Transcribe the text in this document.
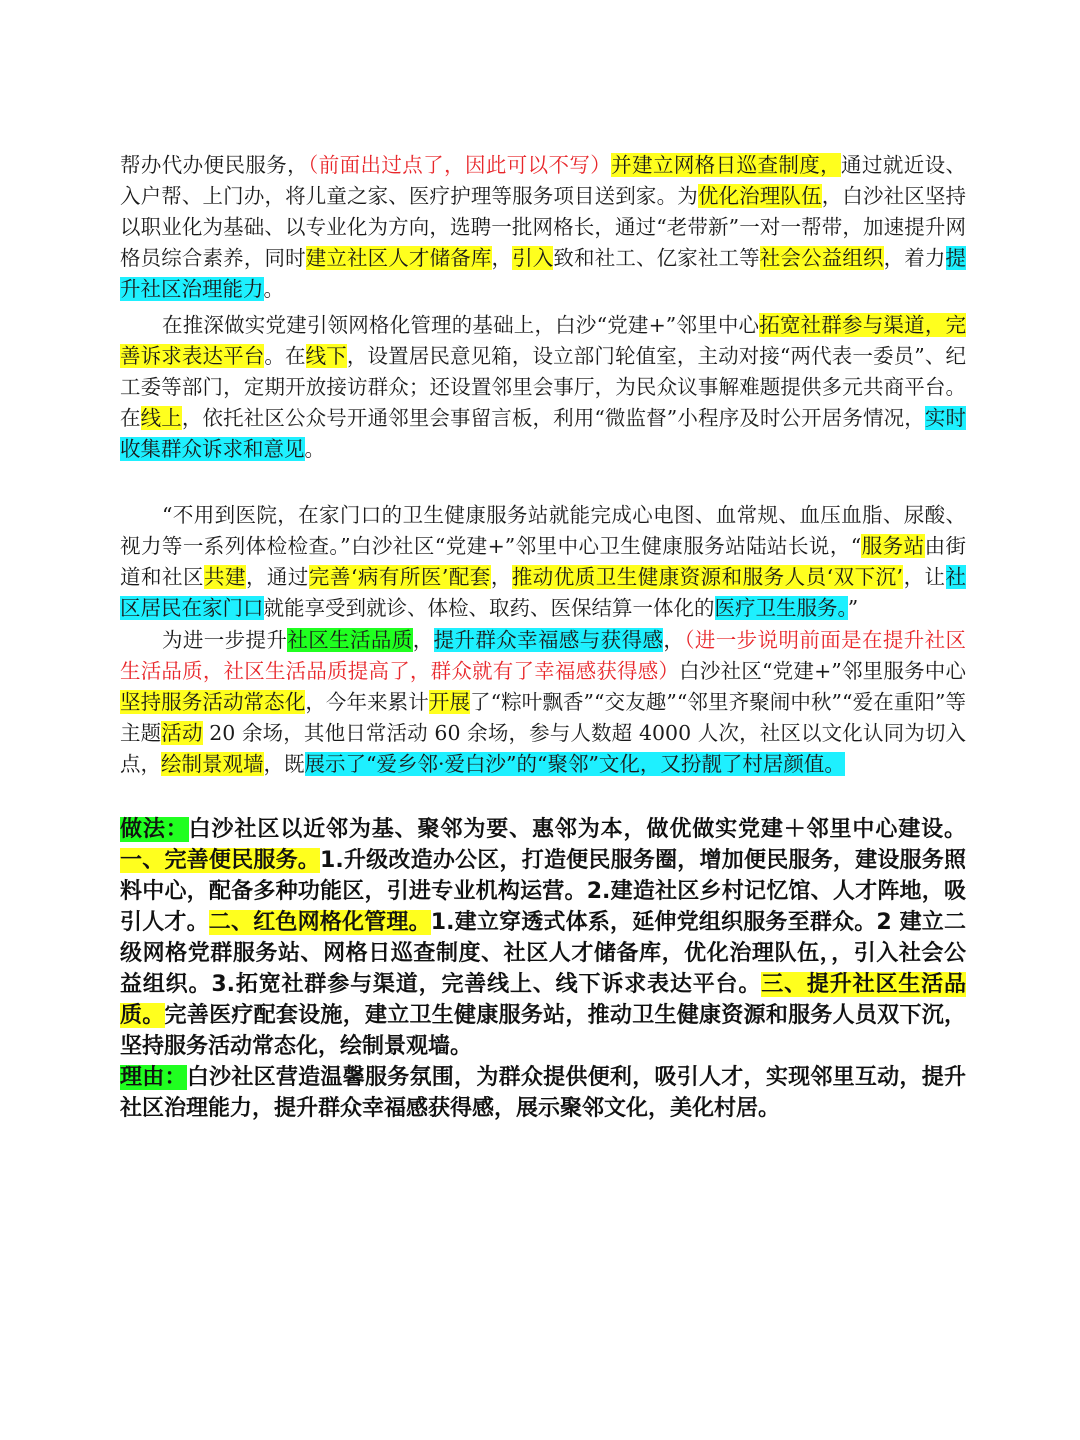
帮办代办便民服务，（前面出过点了，因此可以不写）并建立网格日巡查制度，通过就近设、入户帮、上门办，将儿童之家、医疗护理等服务项目送到家。为优化治理队伍，白沙社区坚持以职业化为基础、以专业化为方向，选聘一批网格长，通过“老带新”一对一帮带，加速提升网格员综合素养，同时建立社区人才储备库，引入致和社工、亿家社工等社会公益组织，着力提升社区治理能力。
在推深做实党建引领网格化管理的基础上，白沙“党建+”邻里中心拓宽社群参与渠道，完善诉求表达平台。在线下，设置居民意见箱，设立部门轮值室，主动对接“两代表一委员”、纪工委等部门，定期开放接访群众；还设置邻里会事厅，为民众议事解难题提供多元共商平台。在线上，依托社区公众号开通邻里会事留言板，利用“微监督”小程序及时公开居务情况，实时收集群众诉求和意见。
“不用到医院，在家门口的卫生健康服务站就能完成心电图、血常规、血压血脂、尿酸、视力等一系列体检检查。”白沙社区“党建+”邻里中心卫生健康服务站陆站长说，“服务站由街道和社区共建，通过完善‘病有所医’配套，推动优质卫生健康资源和服务人员‘双下沉’，让社区居民在家门口就能享受到就诊、体检、取药、医保结算一体化的医疗卫生服务。”
为进一步提升社区生活品质，提升群众幸福感与获得感，（进一步说明前面是在提升社区生活品质，社区生活品质提高了，群众就有了幸福感获得感）白沙社区“党建+”邻里服务中心坚持服务活动常态化，今年来累计开展了“粽叶飘香”“交友趣”“邻里齐聚闹中秋”“爱在重阳”等主题活动 20 余场，其他日常活动 60 余场，参与人数超 4000 人次，社区以文化认同为切入点，绘制景观墙，既展示了“爱乡邻·爱白沙”的“聚邻”文化，又扮靓了村居颜值。
做法：白沙社区以近邻为基、聚邻为要、惠邻为本，做优做实党建＋邻里中心建设。一、完善便民服务。1.升级改造办公区，打造便民服务圈，增加便民服务，建设服务照料中心，配备多种功能区，引进专业机构运营。2.建造社区乡村记忆馆、人才阵地，吸引人才。二、红色网格化管理。1.建立穿透式体系，延伸党组织服务至群众。2 建立二级网格党群服务站、网格日巡查制度、社区人才储备库，优化治理队伍，，引入社会公益组织。3.拓宽社群参与渠道，完善线上、线下诉求表达平台。三、提升社区生活品质。完善医疗配套设施，建立卫生健康服务站，推动卫生健康资源和服务人员双下沉，坚持服务活动常态化，绘制景观墙。
理由：白沙社区营造温馨服务氛围，为群众提供便利，吸引人才，实现邻里互动，提升社区治理能力，提升群众幸福感获得感，展示聚邻文化，美化村居。
